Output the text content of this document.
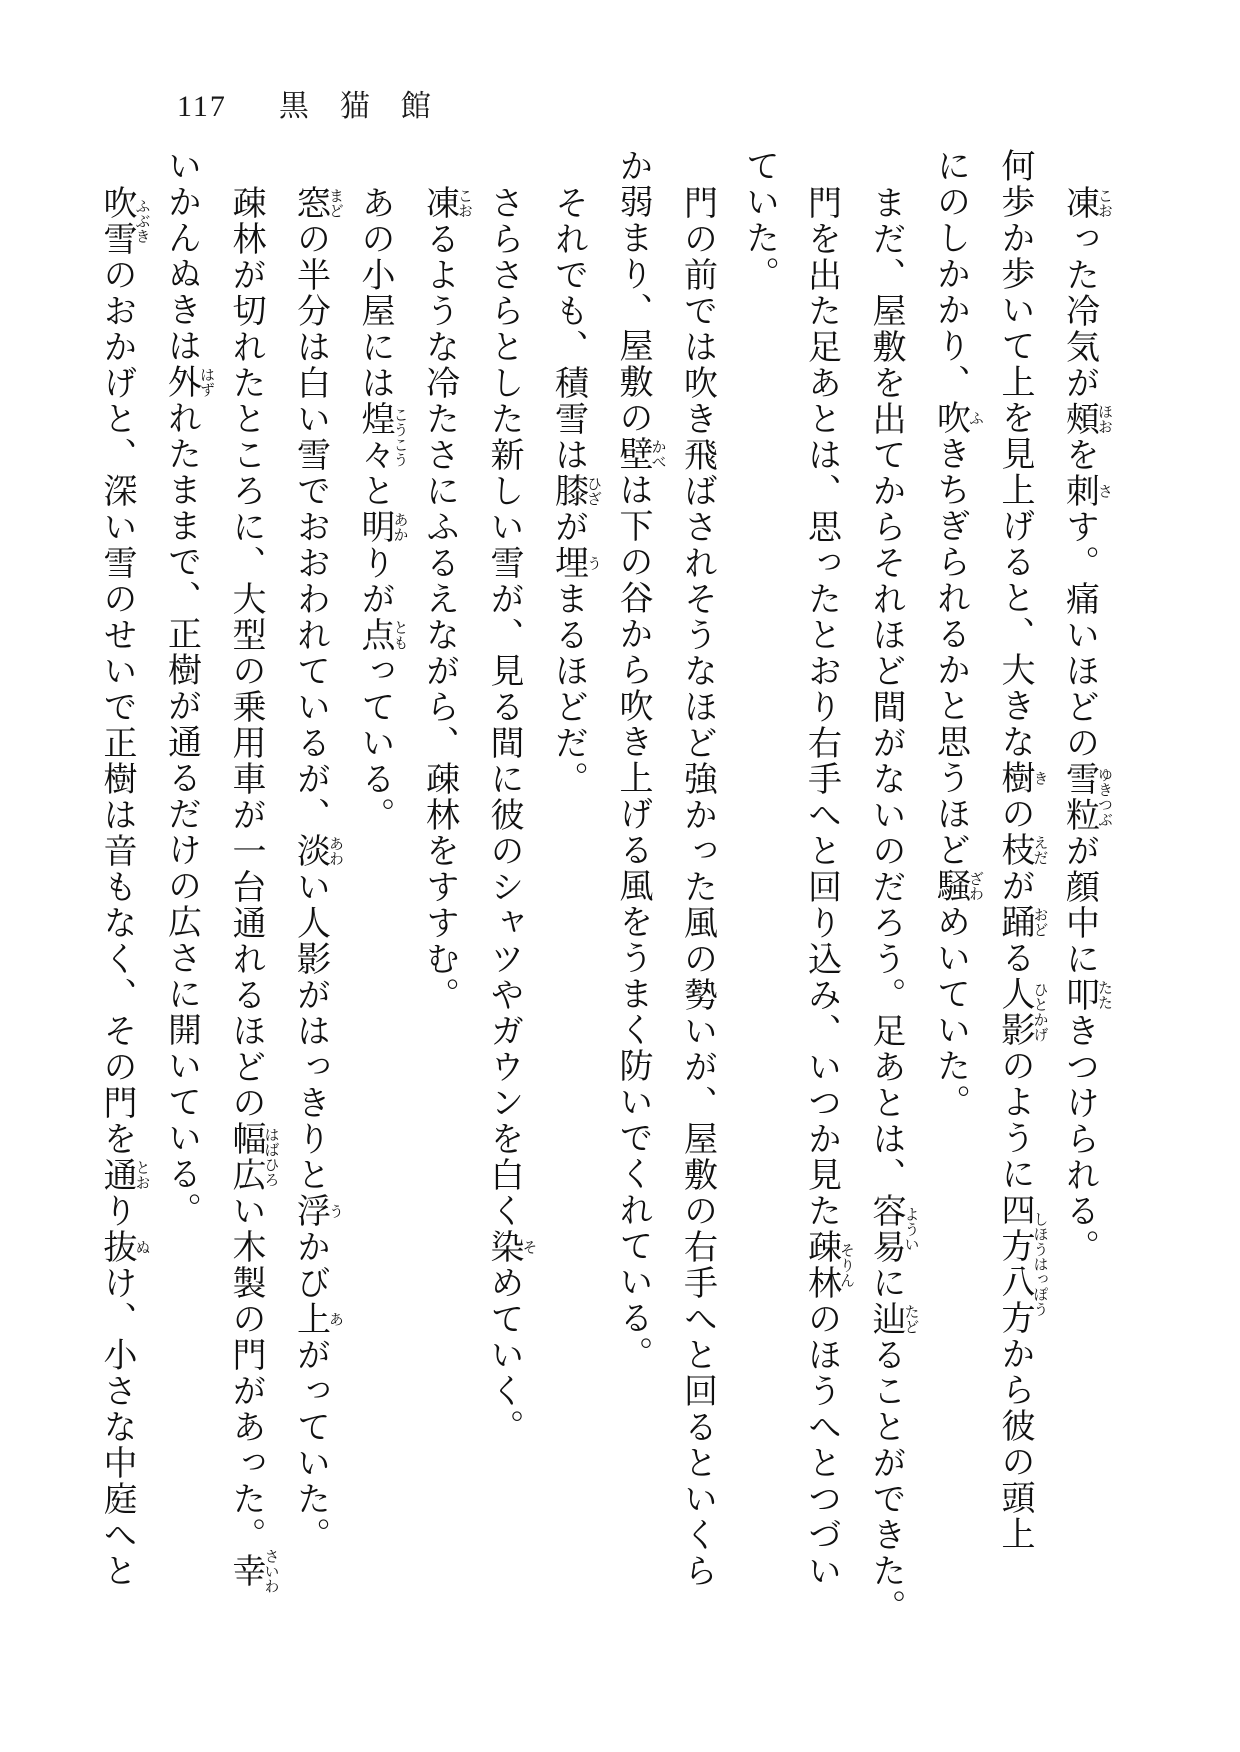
117 黒猫館
凍こおった冷気が頰ほおを刺さす。痛いほどの雪粒ゆきつぶが顔中に叩たたきつけられる。
何歩か歩いて上を見上げると、大きな樹きの枝えだが踊おどる人影ひとかげのように四方八方しほうはっぽうから彼の頭上
にのしかかり、吹ふきちぎられるかと思うほど騒ざわめいていた。
まだ、屋敷を出てからそれほど間がないのだろう。足あとは、容易よういに辿たどることができた。
門を出た足あとは、思ったとおり右手へと回り込み、いつか見た疎林そりんのほうへとつづい
ていた。
門の前では吹き飛ばされそうなほど強かった風の勢いが、屋敷の右手へと回るといくら
か弱まり、屋敷の壁かべは下の谷から吹き上げる風をうまく防いでくれている。
それでも、積雪は膝ひざが埋うまるほどだ。
さらさらとした新しい雪が、見る間に彼のシャツやガウンを白く染そめていく。
凍こおるような冷たさにふるえながら、疎林をすすむ。
あの小屋には煌々こうこうと明あかりが点ともっている。
窓まどの半分は白い雪でおおわれているが、淡あわい人影がはっきりと浮うかび上あがっていた。
疎林が切れたところに、大型の乗用車が一台通れるほどの幅広はばひろい木製の門があった。幸さいわ
いかんぬきは外はずれたままで、正樹が通るだけの広さに開いている。
吹雪ふぶきのおかげと、深い雪のせいで正樹は音もなく、その門を通とおり抜ぬけ、小さな中庭へと
